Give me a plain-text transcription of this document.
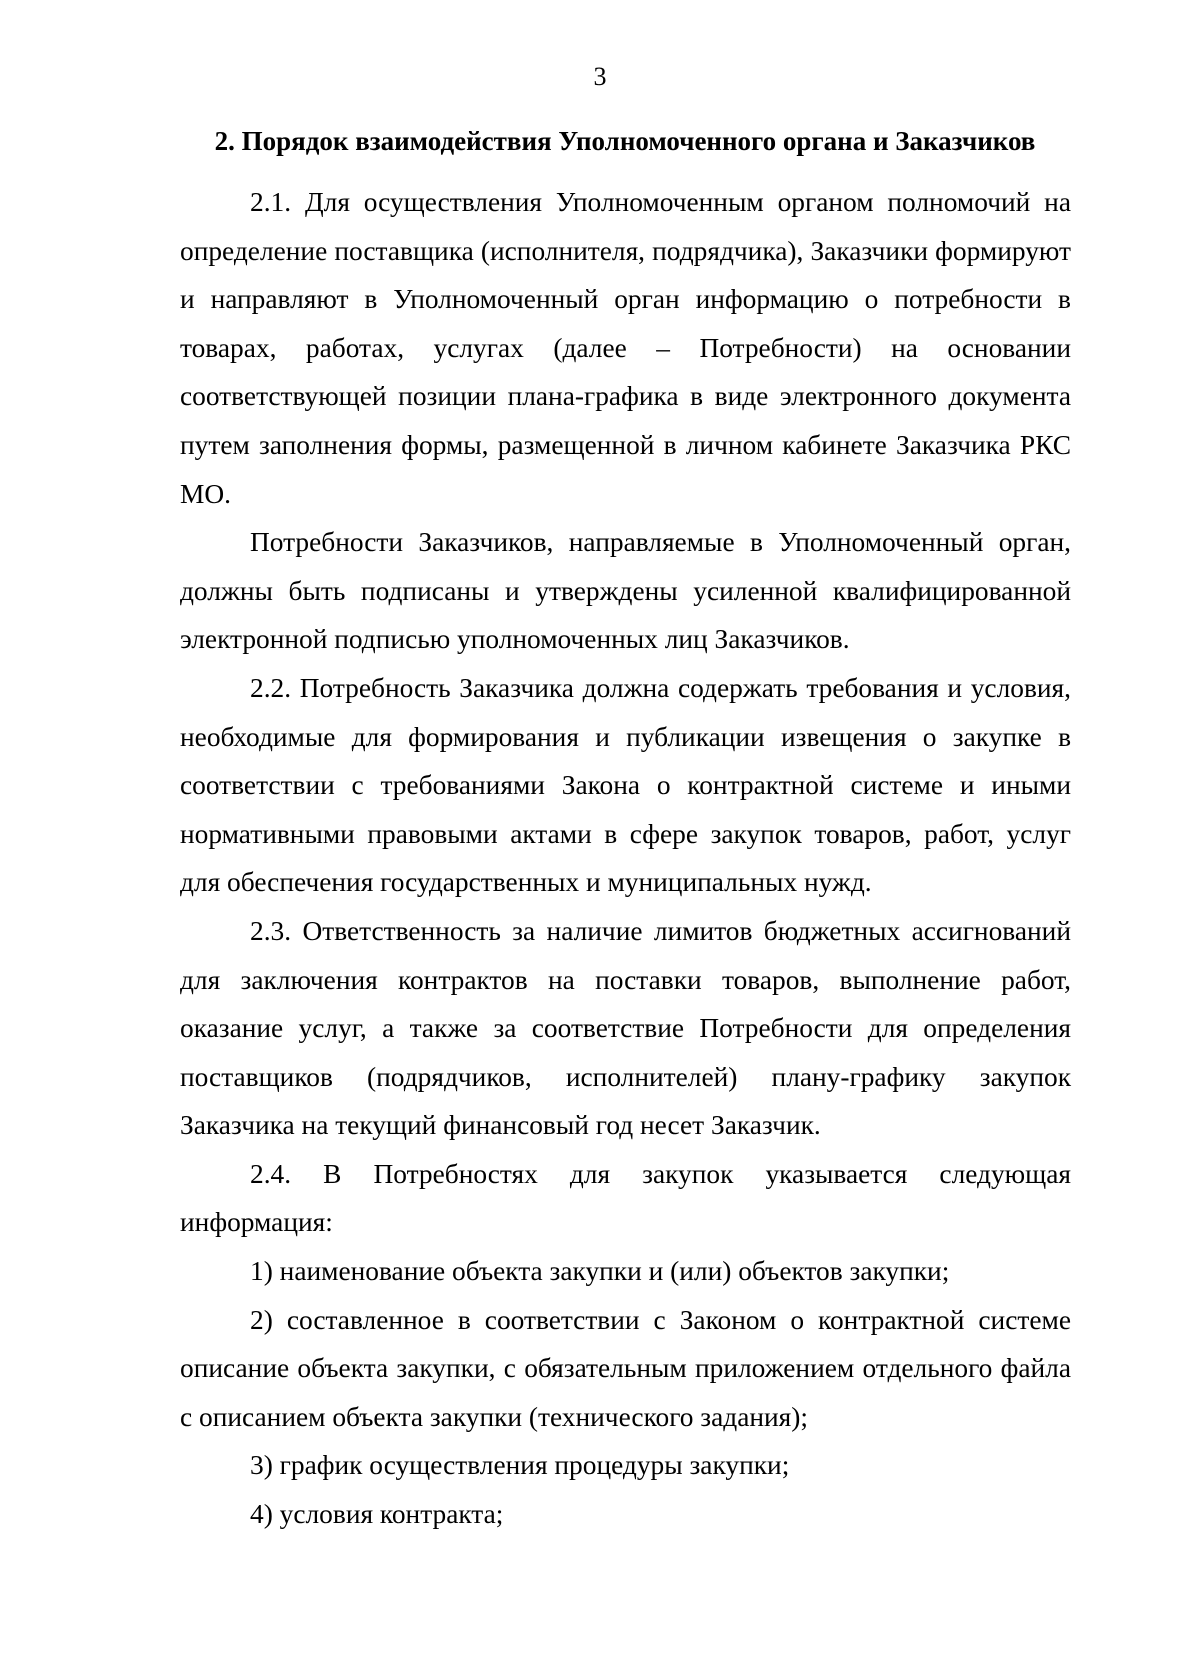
3
2. Порядок взаимодействия Уполномоченного органа и Заказчиков

2.1. Для осуществления Уполномоченным органом полномочий на определение поставщика (исполнителя, подрядчика), Заказчики формируют и направляют в Уполномоченный орган информацию о потребности в товарах, работах, услугах (далее – Потребности) на основании соответствующей позиции плана-графика в виде электронного документа путем заполнения формы, размещенной в личном кабинете Заказчика РКС МО.

Потребности Заказчиков, направляемые в Уполномоченный орган, должны быть подписаны и утверждены усиленной квалифицированной электронной подписью уполномоченных лиц Заказчиков.

2.2. Потребность Заказчика должна содержать требования и условия, необходимые для формирования и публикации извещения о закупке в соответствии с требованиями Закона о контрактной системе и иными нормативными правовыми актами в сфере закупок товаров, работ, услуг для обеспечения государственных и муниципальных нужд.

2.3. Ответственность за наличие лимитов бюджетных ассигнований для заключения контрактов на поставки товаров, выполнение работ, оказание услуг, а также за соответствие Потребности для определения поставщиков (подрядчиков, исполнителей) плану-графику закупок Заказчика на текущий финансовый год несет Заказчик.

2.4. В Потребностях для закупок указывается следующая информация:

1) наименование объекта закупки и (или) объектов закупки;

2) составленное в соответствии с Законом о контрактной системе описание объекта закупки, с обязательным приложением отдельного файла с описанием объекта закупки (технического задания);

3) график осуществления процедуры закупки;

4) условия контракта;
